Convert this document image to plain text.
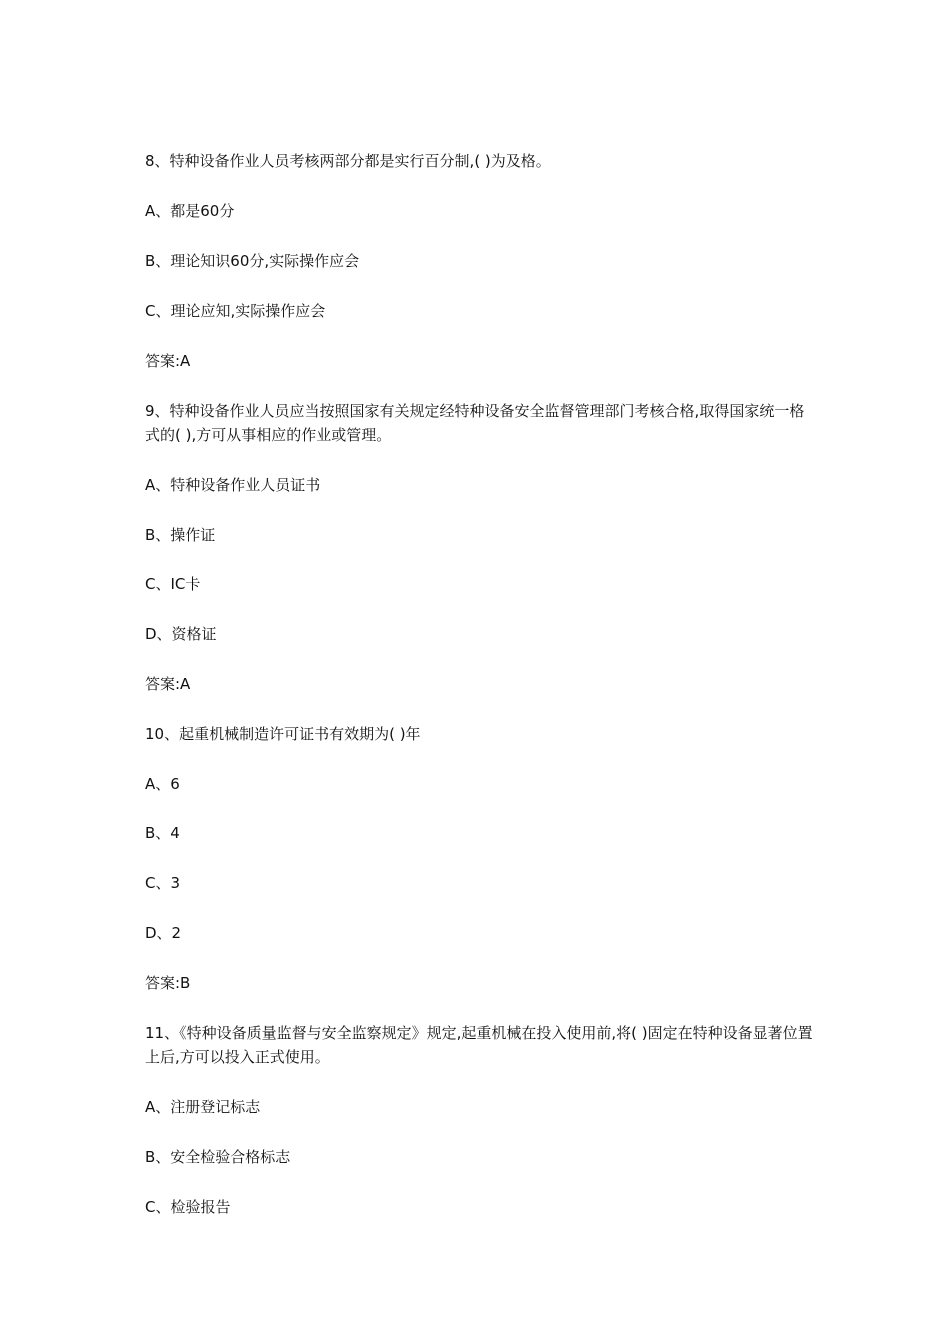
8、特种设备作业人员考核两部分都是实行百分制,( )为及格。
A、都是60分
B、理论知识60分,实际操作应会
C、理论应知,实际操作应会
答案:A
9、特种设备作业人员应当按照国家有关规定经特种设备安全监督管理部门考核合格,取得国家统一格式的( ),方可从事相应的作业或管理。
A、特种设备作业人员证书
B、操作证
C、IC卡
D、资格证
答案:A
10、起重机械制造许可证书有效期为( )年
A、6
B、4
C、3
D、2
答案:B
11、《特种设备质量监督与安全监察规定》规定,起重机械在投入使用前,将( )固定在特种设备显著位置上后,方可以投入正式使用。
A、注册登记标志
B、安全检验合格标志
C、检验报告
